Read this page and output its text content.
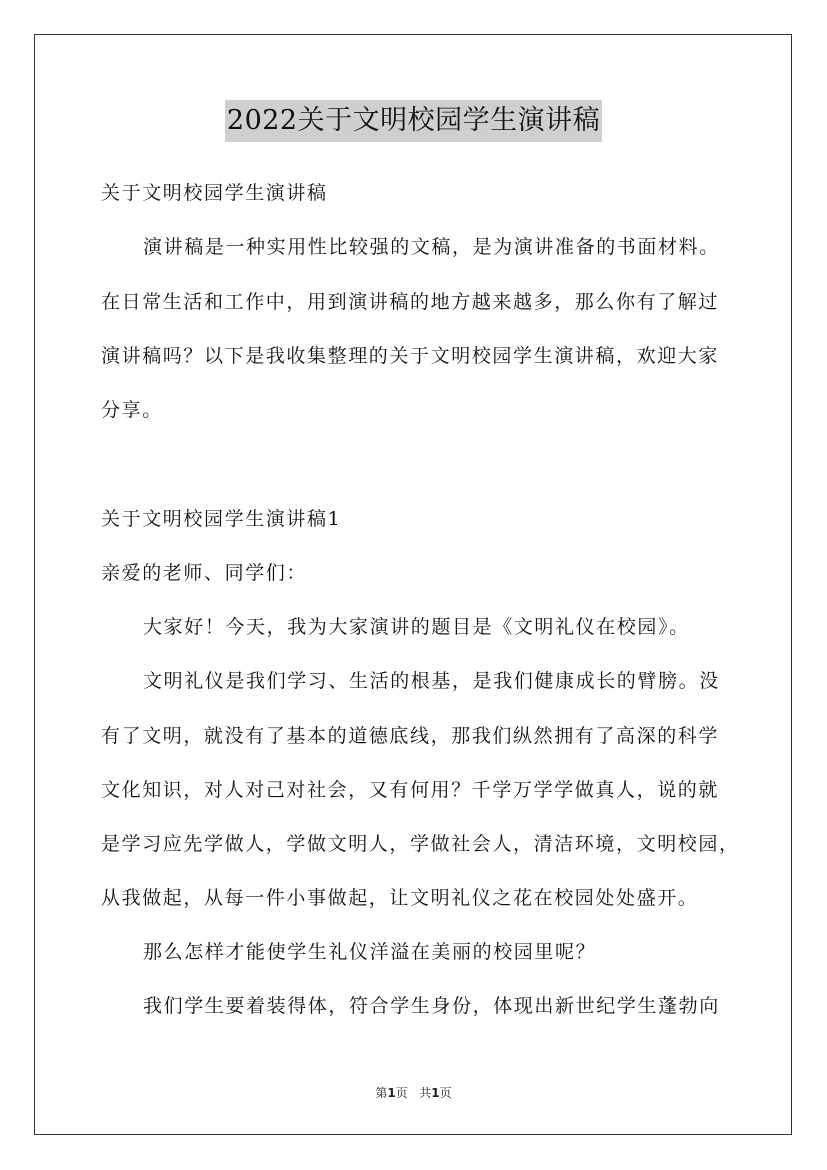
2022关于文明校园学生演讲稿
关于文明校园学生演讲稿
演讲稿是一种实用性比较强的文稿，是为演讲准备的书面材料。
在日常生活和工作中，用到演讲稿的地方越来越多，那么你有了解过
演讲稿吗？以下是我收集整理的关于文明校园学生演讲稿，欢迎大家
分享。
关于文明校园学生演讲稿1
亲爱的老师、同学们：
大家好！今天，我为大家演讲的题目是《文明礼仪在校园》。
文明礼仪是我们学习、生活的根基，是我们健康成长的臂膀。没
有了文明，就没有了基本的道德底线，那我们纵然拥有了高深的科学
文化知识，对人对己对社会，又有何用？千学万学学做真人，说的就
是学习应先学做人，学做文明人，学做社会人，清洁环境，文明校园，
从我做起，从每一件小事做起，让文明礼仪之花在校园处处盛开。
那么怎样才能使学生礼仪洋溢在美丽的校园里呢？
我们学生要着装得体，符合学生身份，体现出新世纪学生蓬勃向
第1页 共1页
